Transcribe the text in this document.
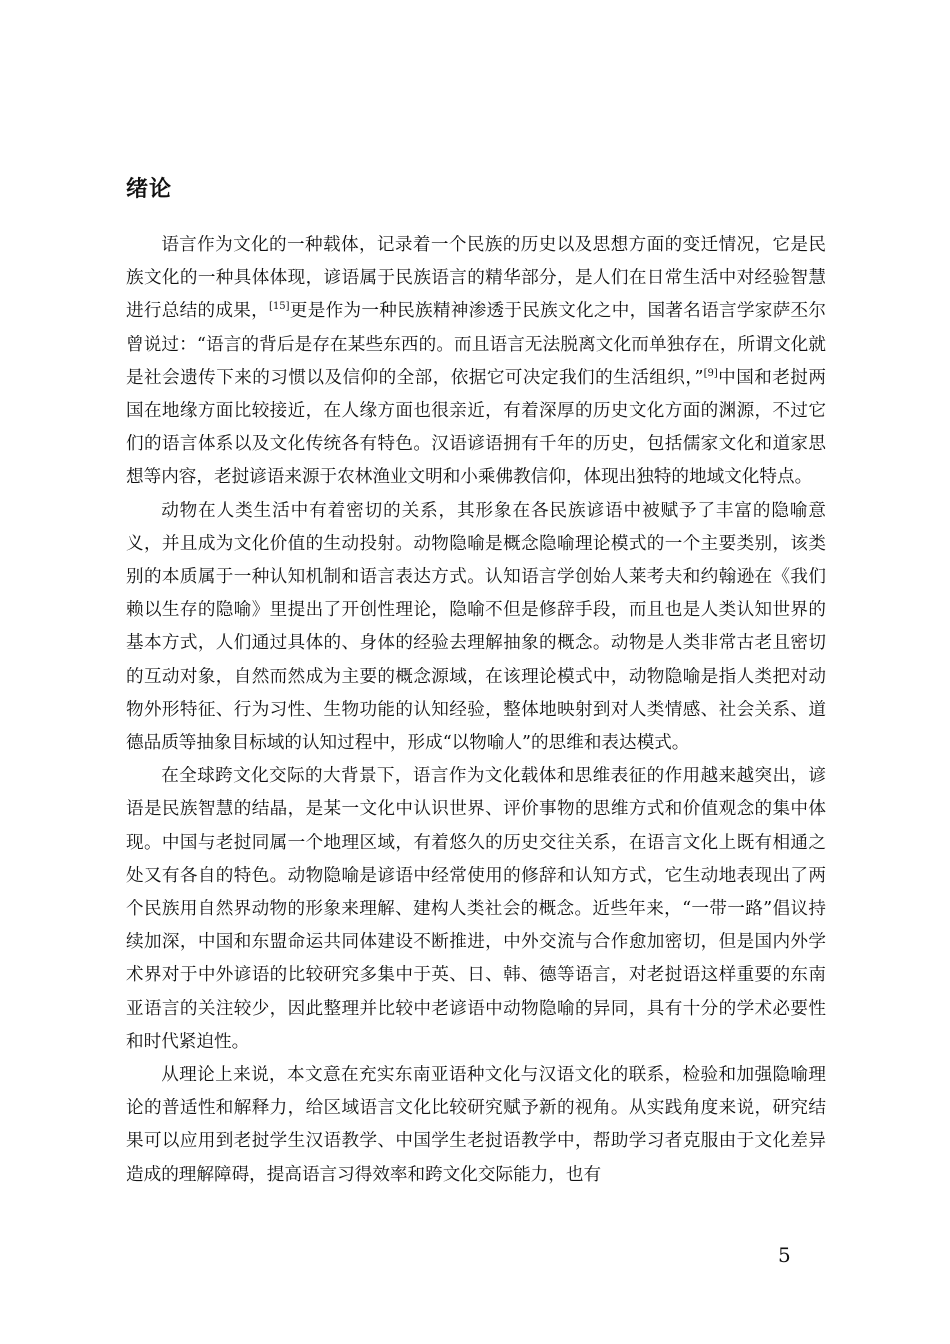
绪论

语言作为文化的一种载体，记录着一个民族的历史以及思想方面的变迁情况，它是民族文化的一种具体体现，谚语属于民族语言的精华部分，是人们在日常生活中对经验智慧进行总结的成果，[15]更是作为一种民族精神渗透于民族文化之中，国著名语言学家萨丕尔曾说过：“语言的背后是存在某些东西的。而且语言无法脱离文化而单独存在，所谓文化就是社会遗传下来的习惯以及信仰的全部，依据它可决定我们的生活组织，”[9]中国和老挝两国在地缘方面比较接近，在人缘方面也很亲近，有着深厚的历史文化方面的渊源，不过它们的语言体系以及文化传统各有特色。汉语谚语拥有千年的历史，包括儒家文化和道家思想等内容，老挝谚语来源于农林渔业文明和小乘佛教信仰，体现出独特的地域文化特点。

动物在人类生活中有着密切的关系，其形象在各民族谚语中被赋予了丰富的隐喻意义，并且成为文化价值的生动投射。动物隐喻是概念隐喻理论模式的一个主要类别，该类别的本质属于一种认知机制和语言表达方式。认知语言学创始人莱考夫和约翰逊在《我们赖以生存的隐喻》里提出了开创性理论，隐喻不但是修辞手段，而且也是人类认知世界的基本方式，人们通过具体的、身体的经验去理解抽象的概念。动物是人类非常古老且密切的互动对象，自然而然成为主要的概念源域，在该理论模式中，动物隐喻是指人类把对动物外形特征、行为习性、生物功能的认知经验，整体地映射到对人类情感、社会关系、道德品质等抽象目标域的认知过程中，形成“以物喻人”的思维和表达模式。

在全球跨文化交际的大背景下，语言作为文化载体和思维表征的作用越来越突出，谚语是民族智慧的结晶，是某一文化中认识世界、评价事物的思维方式和价值观念的集中体现。中国与老挝同属一个地理区域，有着悠久的历史交往关系，在语言文化上既有相通之处又有各自的特色。动物隐喻是谚语中经常使用的修辞和认知方式，它生动地表现出了两个民族用自然界动物的形象来理解、建构人类社会的概念。近些年来，“一带一路”倡议持续加深，中国和东盟命运共同体建设不断推进，中外交流与合作愈加密切，但是国内外学术界对于中外谚语的比较研究多集中于英、日、韩、德等语言，对老挝语这样重要的东南亚语言的关注较少，因此整理并比较中老谚语中动物隐喻的异同，具有十分的学术必要性和时代紧迫性。

从理论上来说，本文意在充实东南亚语种文化与汉语文化的联系，检验和加强隐喻理论的普适性和解释力，给区域语言文化比较研究赋予新的视角。从实践角度来说，研究结果可以应用到老挝学生汉语教学、中国学生老挝语教学中，帮助学习者克服由于文化差异造成的理解障碍，提高语言习得效率和跨文化交际能力，也有

5
